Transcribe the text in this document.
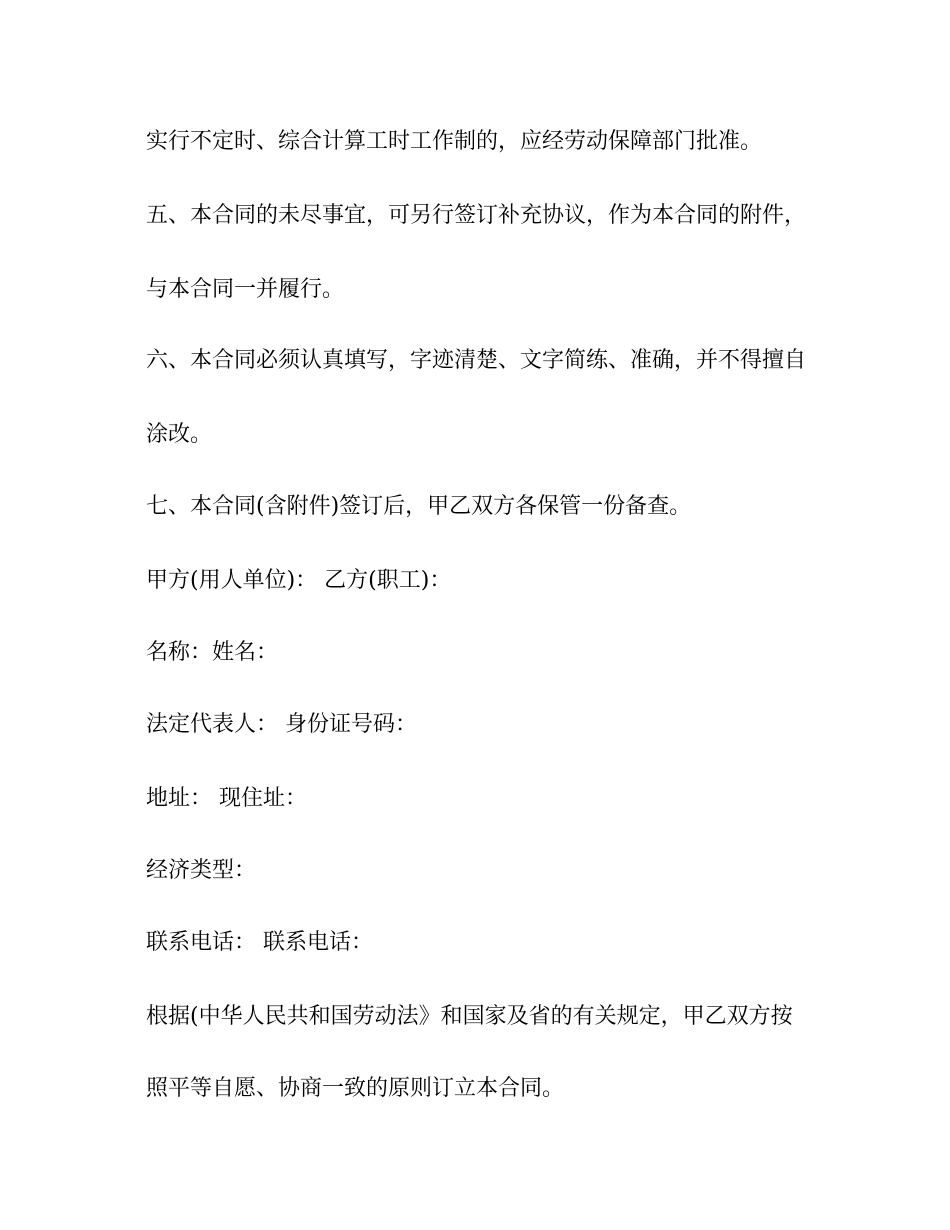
实行不定时、综合计算工时工作制的，应经劳动保障部门批准。
五、本合同的未尽事宜，可另行签订补充协议，作为本合同的附件，
与本合同一并履行。
六、本合同必须认真填写，字迹清楚、文字简练、准确，并不得擅自
涂改。
七、本合同(含附件)签订后，甲乙双方各保管一份备查。
甲方(用人单位)： 乙方(职工)：
名称：姓名：
法定代表人： 身份证号码：
地址： 现住址：
经济类型：
联系电话： 联系电话：
根据(中华人民共和国劳动法》和国家及省的有关规定，甲乙双方按
照平等自愿、协商一致的原则订立本合同。
